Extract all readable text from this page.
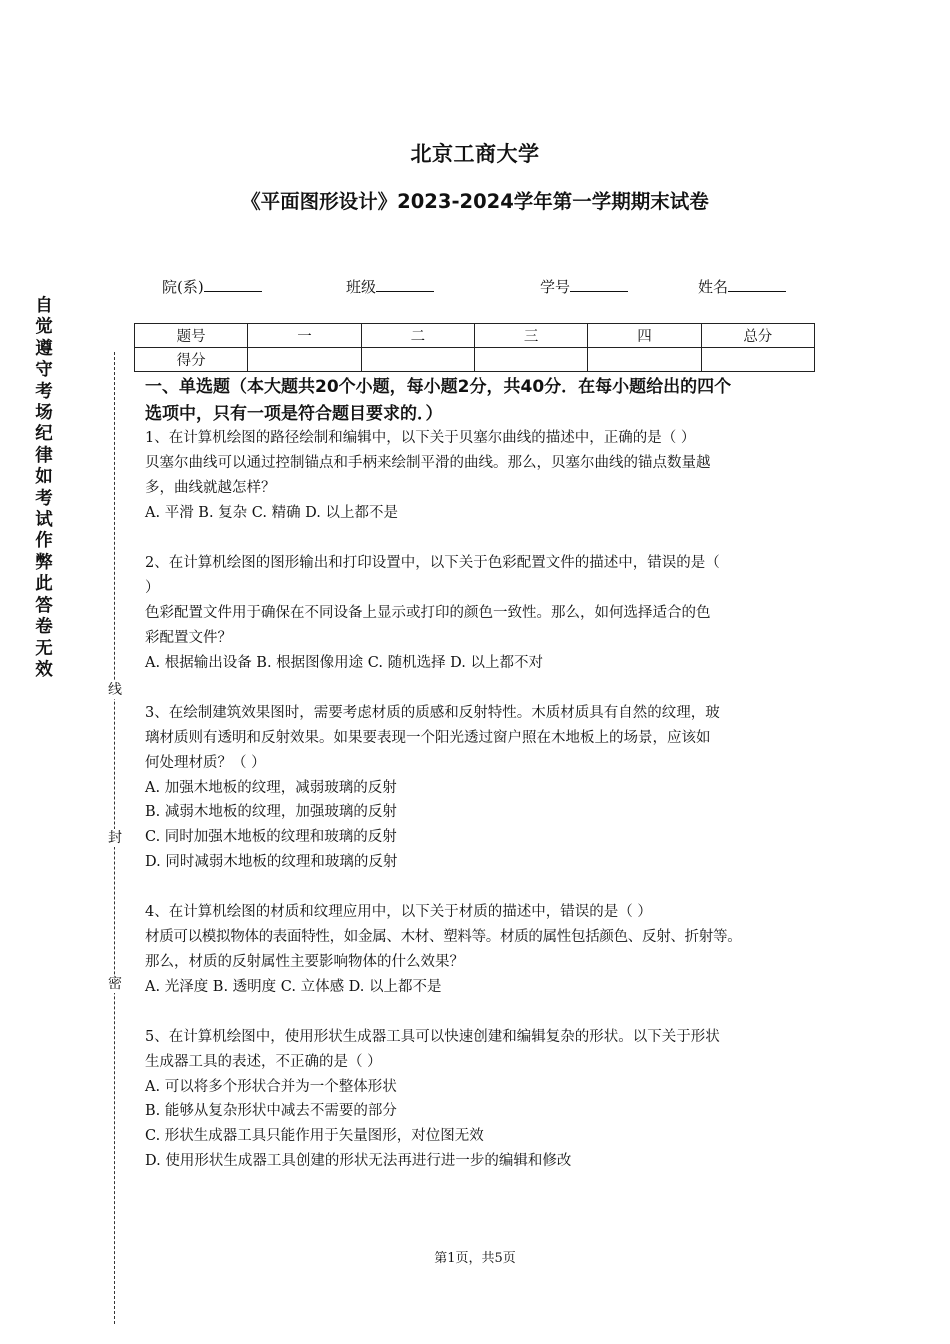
北京工商大学
《平面图形设计》2023-2024学年第一学期期末试卷
院(系)	班级	学号	姓名
自
觉
遵
守
考
场
纪
律
如
考
试
作
弊
此
答
卷
无
效
线
封
密
题号	一	二	三	四	总分
得分					
一、单选题（本大题共20个小题，每小题2分，共40分．在每小题给出的四个
选项中，只有一项是符合题目要求的．）
1、在计算机绘图的路径绘制和编辑中，以下关于贝塞尔曲线的描述中，正确的是（ ）
贝塞尔曲线可以通过控制锚点和手柄来绘制平滑的曲线。那么，贝塞尔曲线的锚点数量越
多，曲线就越怎样？
A. 平滑 B. 复杂 C. 精确 D. 以上都不是
2、在计算机绘图的图形输出和打印设置中，以下关于色彩配置文件的描述中，错误的是（
）
色彩配置文件用于确保在不同设备上显示或打印的颜色一致性。那么，如何选择适合的色
彩配置文件？
A. 根据输出设备 B. 根据图像用途 C. 随机选择 D. 以上都不对
3、在绘制建筑效果图时，需要考虑材质的质感和反射特性。木质材质具有自然的纹理，玻
璃材质则有透明和反射效果。如果要表现一个阳光透过窗户照在木地板上的场景，应该如
何处理材质？（ ）
A. 加强木地板的纹理，减弱玻璃的反射
B. 减弱木地板的纹理，加强玻璃的反射
C. 同时加强木地板的纹理和玻璃的反射
D. 同时减弱木地板的纹理和玻璃的反射
4、在计算机绘图的材质和纹理应用中，以下关于材质的描述中，错误的是（ ）
材质可以模拟物体的表面特性，如金属、木材、塑料等。材质的属性包括颜色、反射、折射等。
那么，材质的反射属性主要影响物体的什么效果？
A. 光泽度 B. 透明度 C. 立体感 D. 以上都不是
5、在计算机绘图中，使用形状生成器工具可以快速创建和编辑复杂的形状。以下关于形状
生成器工具的表述，不正确的是（ ）
A. 可以将多个形状合并为一个整体形状
B. 能够从复杂形状中减去不需要的部分
C. 形状生成器工具只能作用于矢量图形，对位图无效
D. 使用形状生成器工具创建的形状无法再进行进一步的编辑和修改
第1页，共5页
